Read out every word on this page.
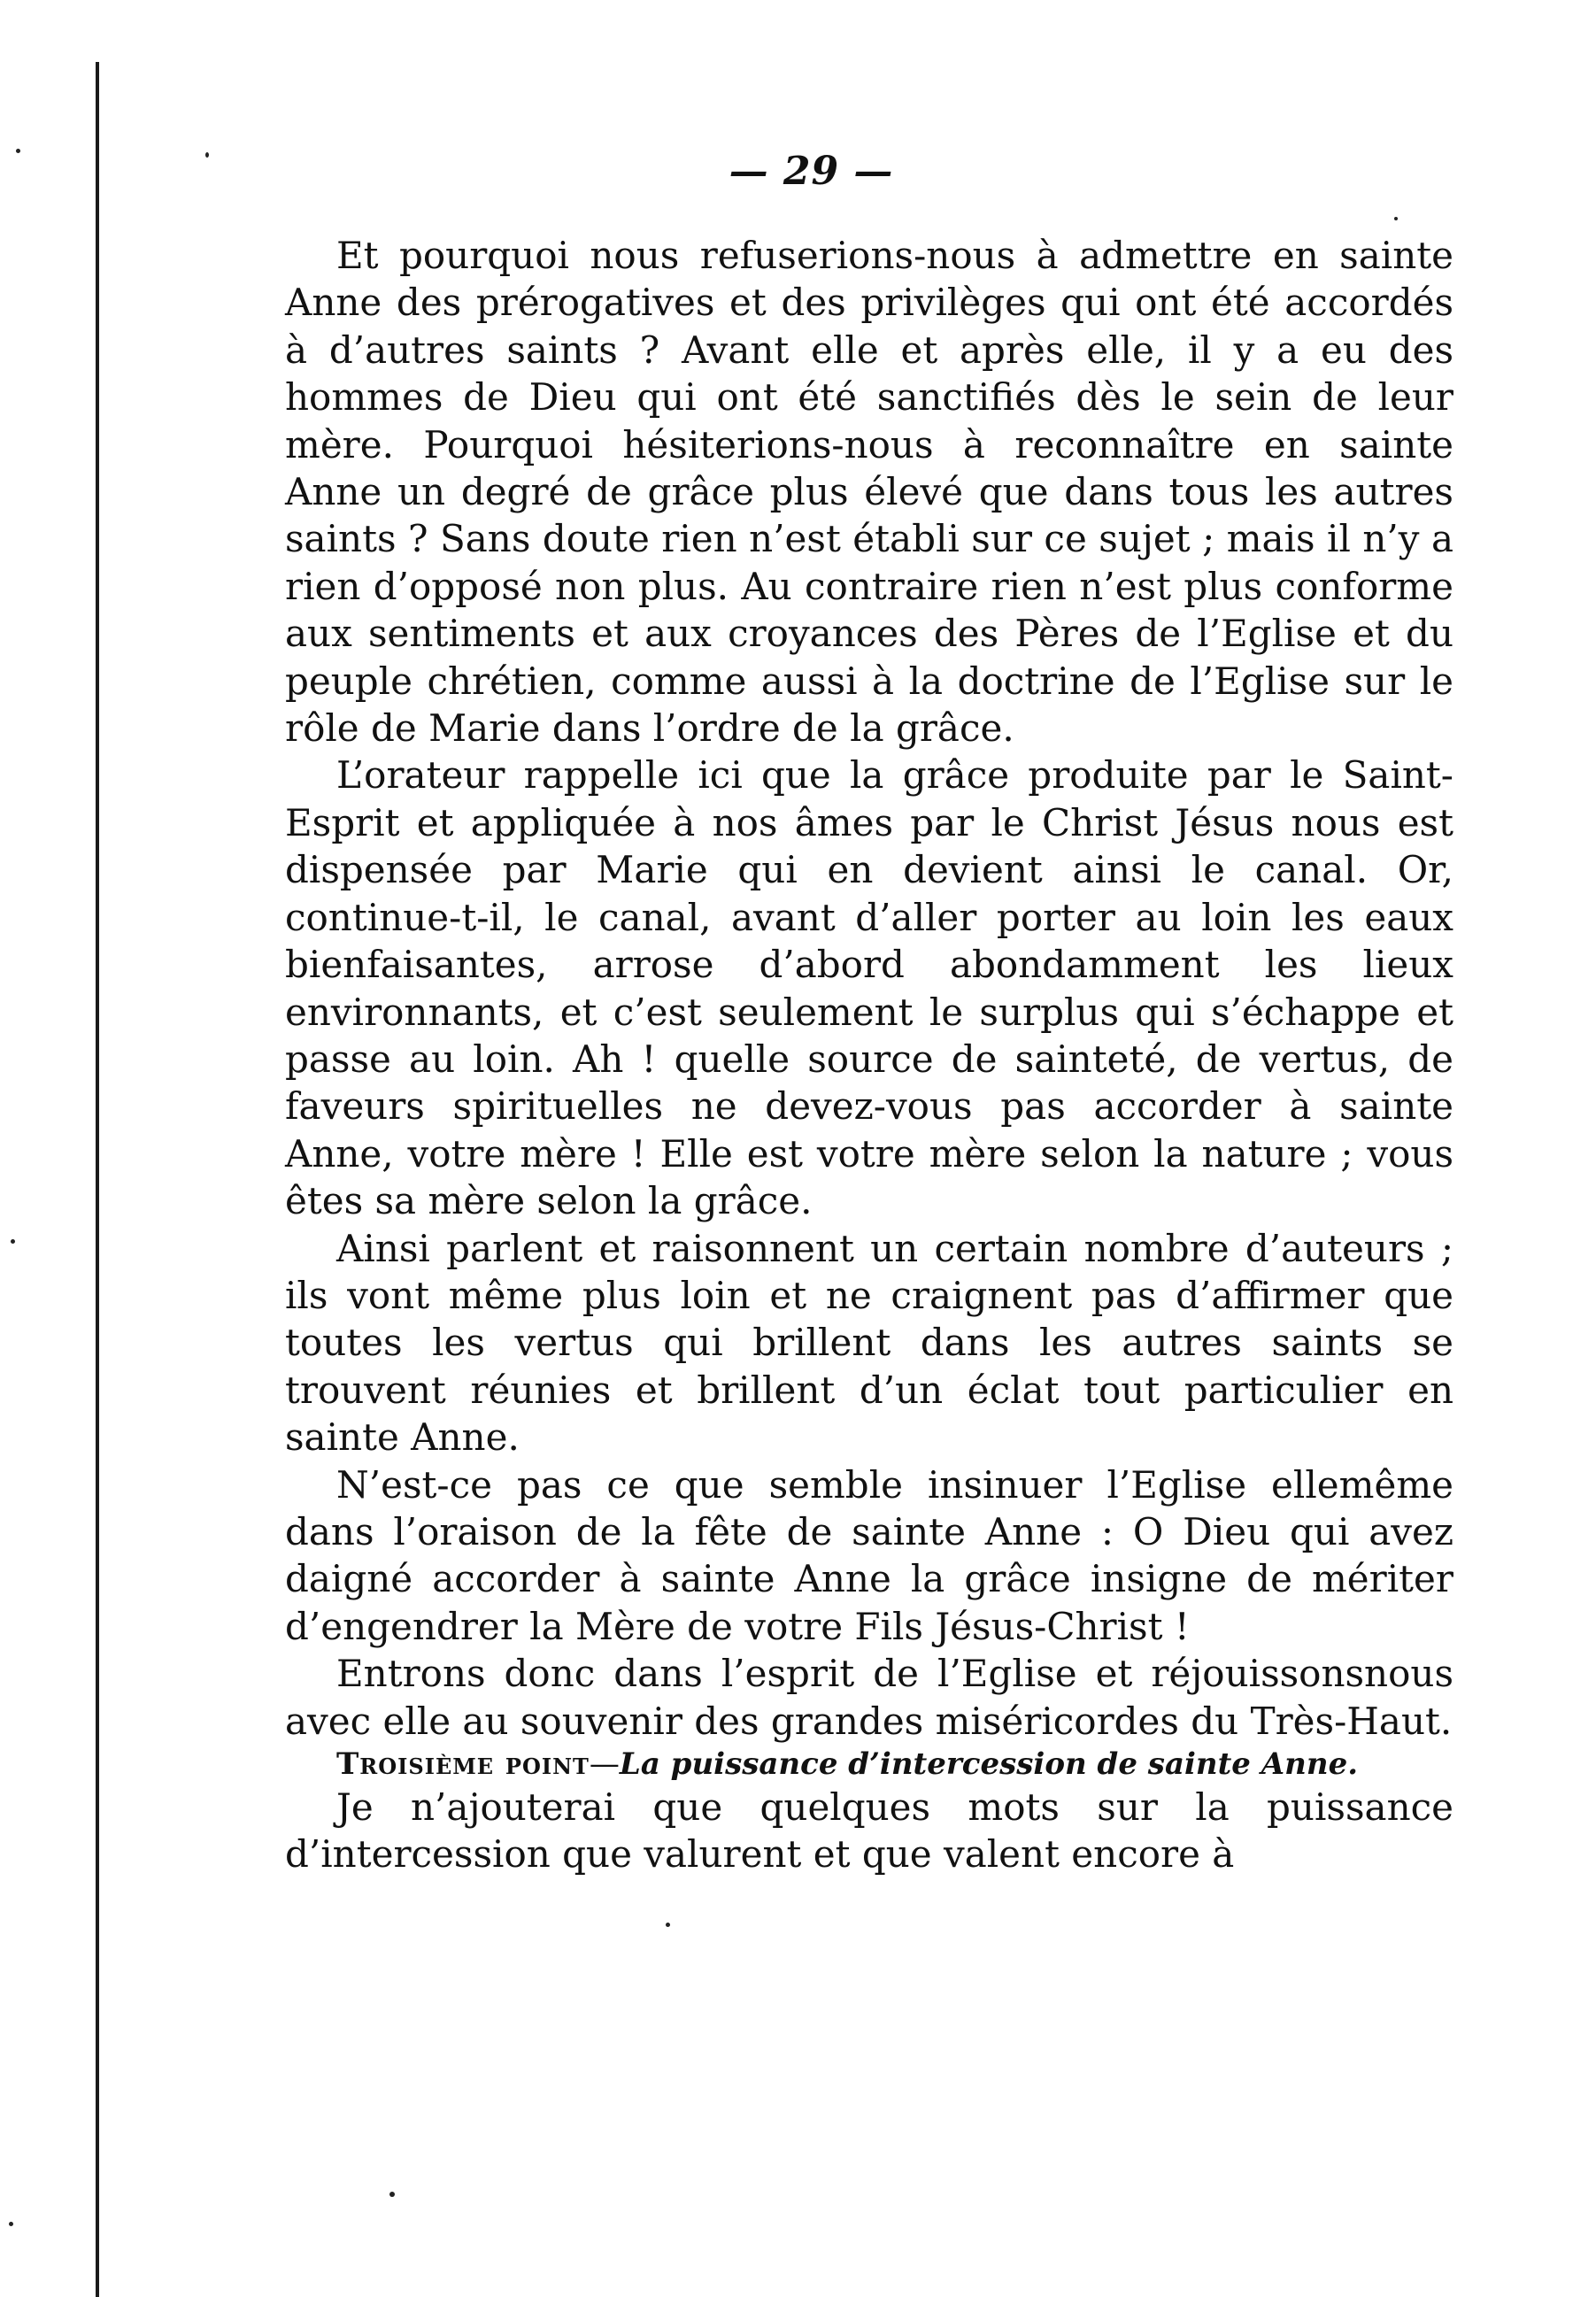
— 29 —

Et pourquoi nous refuserions-nous à admettre en sainte Anne des prérogatives et des privilèges qui ont été accordés à d’autres saints ? Avant elle et après elle, il y a eu des hommes de Dieu qui ont été sanctifiés dès le sein de leur mère. Pourquoi hésiterions-nous à reconnaître en sainte Anne un degré de grâce plus élevé que dans tous les autres saints ? Sans doute rien n’est établi sur ce sujet ; mais il n’y a rien d’opposé non plus. Au contraire rien n’est plus conforme aux sentiments et aux croyances des Pères de l’Eglise et du peuple chrétien, comme aussi à la doctrine de l’Eglise sur le rôle de Marie dans l’ordre de la grâce.

L’orateur rappelle ici que la grâce produite par le Saint-Esprit et appliquée à nos âmes par le Christ Jésus nous est dispensée par Marie qui en devient ainsi le canal. Or, continue-t-il, le canal, avant d’aller porter au loin les eaux bienfaisantes, arrose d’abord abondamment les lieux environnants, et c’est seulement le surplus qui s’échappe et passe au loin. Ah ! quelle source de sainteté, de vertus, de faveurs spirituelles ne devez-vous pas accorder à sainte Anne, votre mère ! Elle est votre mère selon la nature ; vous êtes sa mère selon la grâce.

Ainsi parlent et raisonnent un certain nombre d’auteurs ; ils vont même plus loin et ne craignent pas d’affirmer que toutes les vertus qui brillent dans les autres saints se trouvent réunies et brillent d’un éclat tout particulier en sainte Anne.

N’est-ce pas ce que semble insinuer l’Eglise ellemême dans l’oraison de la fête de sainte Anne : O Dieu qui avez daigné accorder à sainte Anne la grâce insigne de mériter d’engendrer la Mère de votre Fils Jésus-Christ !

Entrons donc dans l’esprit de l’Eglise et réjouissonsnous avec elle au souvenir des grandes miséricordes du Très-Haut.

Troisième point—La puissance d’intercession de sainte Anne.

Je n’ajouterai que quelques mots sur la puissance d’intercession que valurent et que valent encore à
